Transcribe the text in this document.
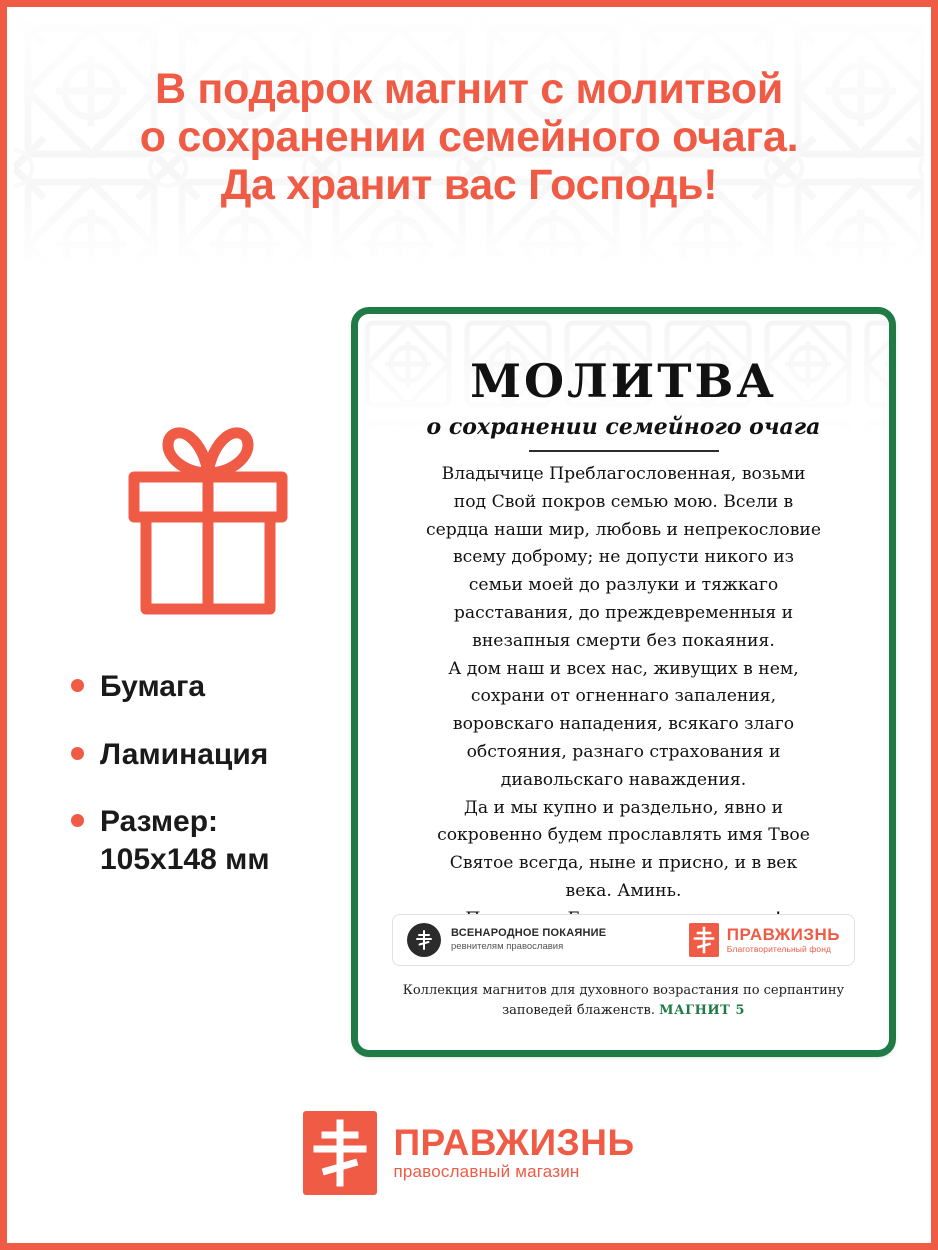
В подарок магнит с молитвой
о сохранении семейного очага.
Да хранит вас Господь!
Бумага
Ламинация
Размер:
105х148 мм
МОЛИТВА
о сохранении семейного очага

Владычице Преблагословенная, возьми

под Свой покров семью мою. Всели в

сердца наши мир, любовь и непрекословие

всему доброму; не допусти никого из

семьи моей до разлуки и тяжкаго

расставания, до преждевременныя и

внезапныя смерти без покаяния.

А дом наш и всех нас, живущих в нем,

сохрани от огненнаго запаления,

воровскаго нападения, всякаго злаго

обстояния, разнаго страхования и

диавольскаго наваждения.

Да и мы купно и раздельно, явно и

сокровенно будем прославлять имя Твое

Святое всегда, ныне и присно, и в век

века. Аминь.

ВСЕНАРОДНОЕ ПОКАЯНИЕ
ревнителям православия
ПРАВЖИЗНЬ
Благотворительный фонд
Коллекция магнитов для духовного возрастания по серпантину
заповедей блаженств. МАГНИТ 5
ПРАВЖИЗНЬ
православный магазин
